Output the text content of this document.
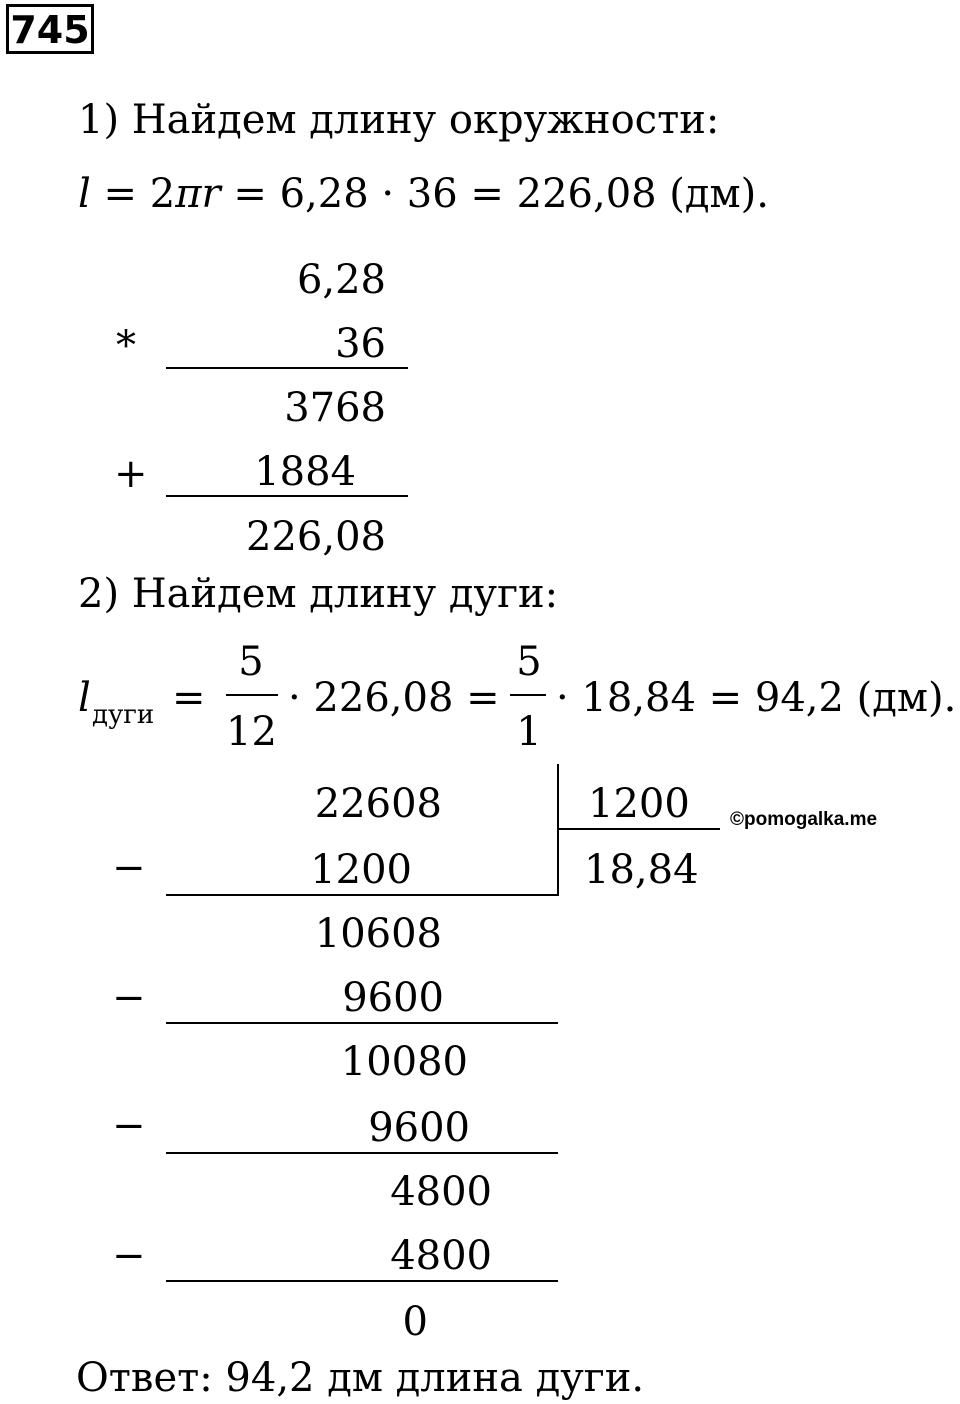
745
1) Найдем длину окружности:
l = 2πr = 6,28 · 36 = 226,08 (дм).
6,28
*	36
3768
+	1884
226,08
2) Найдем длину дуги:
l дуги =
5
12
· 226,08 =
5
1
· 18,84 = 94,2 (дм).
22608	1200 ©pomogalka.me
18,84
−	1200
10608
−	9600
10080
−	9600
4800
−	4800
0
Ответ: 94,2 дм длина дуги.
